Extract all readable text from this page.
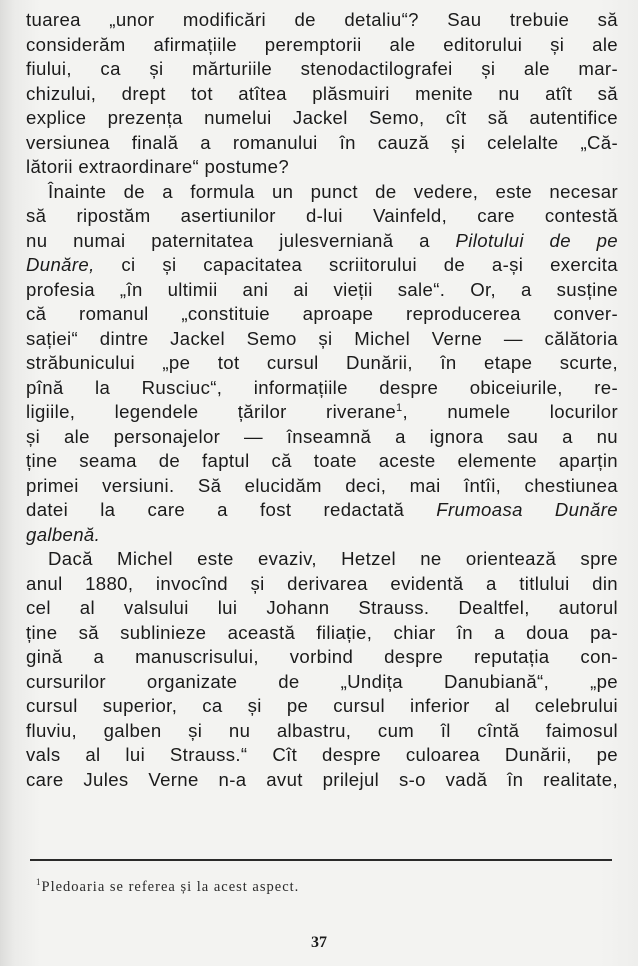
tuarea „unor modificări de detaliu“? Sau trebuie să
considerăm afirmațiile peremptorii ale editorului și ale
fiului, ca și mărturiile stenodactilografei și ale mar-
chizului, drept tot atîtea plăsmuiri menite nu atît să
explice prezența numelui Jackel Semo, cît să autentifice
versiunea finală a romanului în cauză și celelalte „Că-
lătorii extraordinare“ postume?
Înainte de a formula un punct de vedere, este necesar
să ripostăm asertiunilor d-lui Vainfeld, care contestă
nu numai paternitatea julesverniană a Pilotului de pe
Dunăre, ci și capacitatea scriitorului de a-și exercita
profesia „în ultimii ani ai vieții sale“. Or, a susține
că romanul „constituie aproape reproducerea conver-
sației“ dintre Jackel Semo și Michel Verne — călătoria
străbunicului „pe tot cursul Dunării, în etape scurte,
pînă la Rusciuc“, informațiile despre obiceiurile, re-
ligiile, legendele țărilor riverane$^1$, numele locurilor
și ale personajelor — înseamnă a ignora sau a nu
ține seama de faptul că toate aceste elemente aparțin
primei versiuni. Să elucidăm deci, mai întîi, chestiunea
datei la care a fost redactată Frumoasa Dunăre
galbenă.
Dacă Michel este evaziv, Hetzel ne orientează spre
anul 1880, invocînd și derivarea evidentă a titlului din
cel al valsului lui Johann Strauss. Dealtfel, autorul
ține să sublinieze această filiație, chiar în a doua pa-
gină a manuscrisului, vorbind despre reputația con-
cursurilor organizate de „Undița Danubiană“, „pe
cursul superior, ca și pe cursul inferior al celebrului
fluviu, galben și nu albastru, cum îl cîntă faimosul
vals al lui Strauss.“ Cît despre culoarea Dunării, pe
care Jules Verne n-a avut prilejul s-o vadă în realitate,
$^1$Pledoaria se referea și la acest aspect.
37
